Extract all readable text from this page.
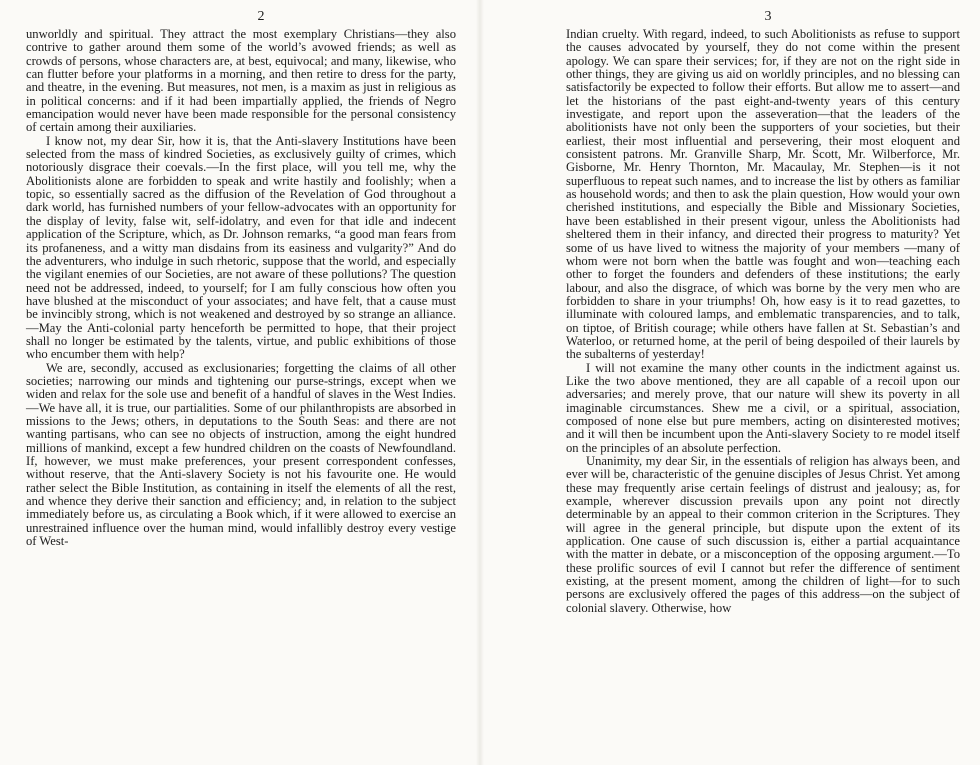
2
unworldly and spiritual. They attract the most exemplary Christians—they also contrive to gather around them some of the world’s avowed friends; as well as crowds of persons, whose characters are, at best, equivocal; and many, likewise, who can flutter before your platforms in a morning, and then retire to dress for the party, and theatre, in the evening. But measures, not men, is a maxim as just in religious as in political concerns: and if it had been impartially applied, the friends of Negro emancipation would never have been made responsible for the personal consistency of certain among their auxiliaries.
I know not, my dear Sir, how it is, that the Anti-slavery Institutions have been selected from the mass of kindred Societies, as exclusively guilty of crimes, which notoriously disgrace their coevals.—In the first place, will you tell me, why the Abolitionists alone are forbidden to speak and write hastily and foolishly; when a topic, so essentially sacred as the diffusion of the Revelation of God throughout a dark world, has furnished numbers of your fellow-advocates with an opportunity for the display of levity, false wit, self-idolatry, and even for that idle and indecent application of the Scripture, which, as Dr. Johnson remarks, “a good man fears from its profaneness, and a witty man disdains from its easiness and vulgarity?” And do the adventurers, who indulge in such rhetoric, suppose that the world, and especially the vigilant enemies of our Societies, are not aware of these pollutions? The question need not be addressed, indeed, to yourself; for I am fully conscious how often you have blushed at the misconduct of your associates; and have felt, that a cause must be invincibly strong, which is not weakened and destroyed by so strange an alliance.—May the Anti-colonial party henceforth be permitted to hope, that their project shall no longer be estimated by the talents, virtue, and public exhibitions of those who encumber them with help?
We are, secondly, accused as exclusionaries; forgetting the claims of all other societies; narrowing our minds and tightening our purse-strings, except when we widen and relax for the sole use and benefit of a handful of slaves in the West Indies. —We have all, it is true, our partialities. Some of our philanthropists are absorbed in missions to the Jews; others, in deputations to the South Seas: and there are not wanting partisans, who can see no objects of instruction, among the eight hundred millions of mankind, except a few hundred children on the coasts of Newfoundland. If, however, we must make preferences, your present correspondent confesses, without reserve, that the Anti-slavery Society is not his favourite one. He would rather select the Bible Institution, as containing in itself the elements of all the rest, and whence they derive their sanction and efficiency; and, in relation to the subject immediately before us, as circulating a Book which, if it were allowed to exercise an unrestrained influence over the human mind, would infallibly destroy every vestige of West-
3
Indian cruelty. With regard, indeed, to such Abolitionists as refuse to support the causes advocated by yourself, they do not come within the present apology. We can spare their services; for, if they are not on the right side in other things, they are giving us aid on worldly principles, and no blessing can satisfactorily be expected to follow their efforts. But allow me to assert—and let the historians of the past eight-and-twenty years of this century investigate, and report upon the asseveration—that the leaders of the abolitionists have not only been the supporters of your societies, but their earliest, their most influential and persevering, their most eloquent and consistent patrons. Mr. Granville Sharp, Mr. Scott, Mr. Wilberforce, Mr. Gisborne, Mr. Henry Thornton, Mr. Macaulay, Mr. Stephen—is it not superfluous to repeat such names, and to increase the list by others as familiar as household words; and then to ask the plain question, How would your own cherished institutions, and especially the Bible and Missionary Societies, have been established in their present vigour, unless the Abolitionists had sheltered them in their infancy, and directed their progress to maturity? Yet some of us have lived to witness the majority of your members —many of whom were not born when the battle was fought and won—teaching each other to forget the founders and defenders of these institutions; the early labour, and also the disgrace, of which was borne by the very men who are forbidden to share in your triumphs! Oh, how easy is it to read gazettes, to illuminate with coloured lamps, and emblematic transparencies, and to talk, on tiptoe, of British courage; while others have fallen at St. Sebastian’s and Waterloo, or returned home, at the peril of being despoiled of their laurels by the subalterns of yesterday!
I will not examine the many other counts in the indictment against us. Like the two above mentioned, they are all capable of a recoil upon our adversaries; and merely prove, that our nature will shew its poverty in all imaginable circumstances. Shew me a civil, or a spiritual, association, composed of none else but pure members, acting on disinterested motives; and it will then be incumbent upon the Anti-slavery Society to re model itself on the principles of an absolute perfection.
Unanimity, my dear Sir, in the essentials of religion has always been, and ever will be, characteristic of the genuine disciples of Jesus Christ. Yet among these may frequently arise certain feelings of distrust and jealousy; as, for example, wherever discussion prevails upon any point not directly determinable by an appeal to their common criterion in the Scriptures. They will agree in the general principle, but dispute upon the extent of its application. One cause of such discussion is, either a partial acquaintance with the matter in debate, or a misconception of the opposing argument.—To these prolific sources of evil I cannot but refer the difference of sentiment existing, at the present moment, among the children of light—for to such persons are exclusively offered the pages of this address—on the subject of colonial slavery. Otherwise, how
